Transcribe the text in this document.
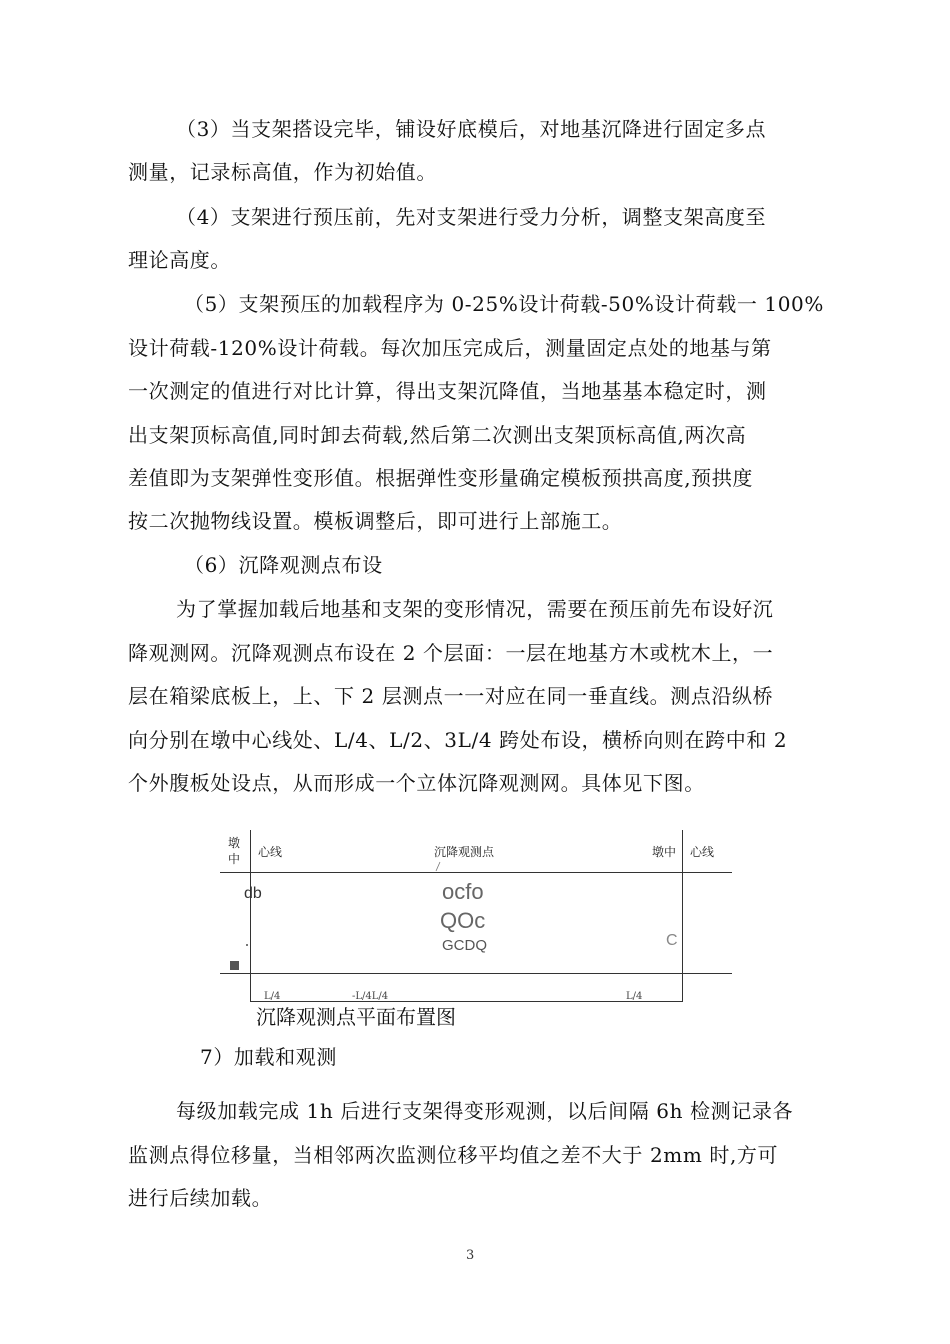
（3）当支架搭设完毕，铺设好底模后，对地基沉降进行固定多点
测量，记录标高值，作为初始值。
（4）支架进行预压前，先对支架进行受力分析，调整支架高度至
理论高度。
（5）支架预压的加载程序为 0-25%设计荷载-50%设计荷载一 100%
设计荷载-120%设计荷载。每次加压完成后，测量固定点处的地基与第
一次测定的值进行对比计算，得出支架沉降值，当地基基本稳定时，测
出支架顶标高值,同时卸去荷载,然后第二次测出支架顶标高值,两次高
差值即为支架弹性变形值。根据弹性变形量确定模板预拱高度,预拱度
按二次抛物线设置。模板调整后，即可进行上部施工。
（6）沉降观测点布设
为了掌握加载后地基和支架的变形情况，需要在预压前先布设好沉
降观测网。沉降观测点布设在 2 个层面：一层在地基方木或枕木上，一
层在箱梁底板上，上、下 2 层测点一一对应在同一垂直线。测点沿纵桥
向分别在墩中心线处、L/4、L/2、3L/4 跨处布设，横桥向则在跨中和 2
个外腹板处设点，从而形成一个立体沉降观测网。具体见下图。
墩
中 心线	沉降观测点	墩中 心线
db	ocfo
QOc
GCDQ	C
L/4	-L/4L/4	L/4
沉降观测点平面布置图
7）加载和观测
每级加载完成 1h 后进行支架得变形观测，以后间隔 6h 检测记录各
监测点得位移量，当相邻两次监测位移平均值之差不大于 2mm 时,方可
进行后续加载。
3
